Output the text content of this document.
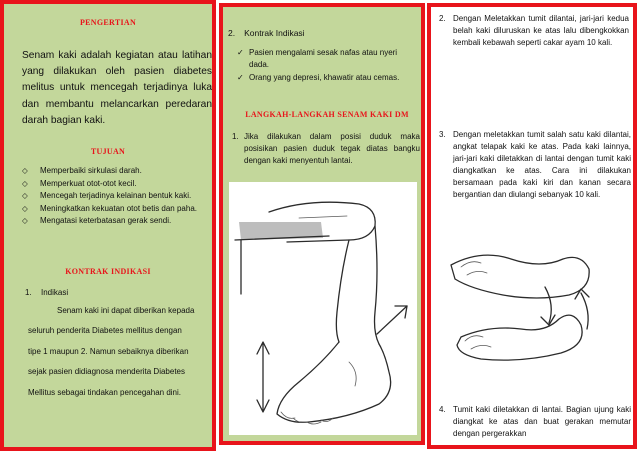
PENGERTIAN

Senam kaki adalah kegiatan atau latihan yang dilakukan oleh pasien diabetes melitus untuk mencegah terjadinya luka dan membantu melancarkan peredaran darah bagian kaki.

TUJUAN
◇ Memperbaiki sirkulasi darah.
◇ Memperkuat otot-otot kecil.
◇ Mencegah terjadinya kelainan bentuk kaki.
◇ Meningkatkan kekuatan otot betis dan paha.
◇ Mengatasi keterbatasan gerak sendi.
KONTRAK INDIKASI
1. Indikasi
Senam kaki ini dapat diberikan kepada
seluruh penderita Diabetes mellitus dengan
tipe 1 maupun 2. Namun sebaiknya diberikan
sejak pasien didiagnosa menderita Diabetes
Mellitus sebagai tindakan pencegahan dini.
2. Kontrak Indikasi
✓ Pasien mengalami sesak nafas atau nyeri dada.
✓ Orang yang depresi, khawatir atau cemas.
LANGKAH-LANGKAH SENAM KAKI DM
1. Jika dilakukan dalam posisi duduk maka posisikan pasien duduk tegak diatas bangku dengan kaki menyentuh lantai.
2. Dengan Meletakkan tumit dilantai, jari-jari kedua belah kaki diluruskan ke atas lalu dibengkokkan kembali kebawah seperti cakar ayam 10 kali.
3. Dengan meletakkan tumit salah satu kaki dilantai, angkat telapak kaki ke atas. Pada kaki lainnya, jari-jari kaki diletakkan di lantai dengan tumit kaki diangkatkan ke atas. Cara ini dilakukan bersamaan pada kaki kiri dan kanan secara bergantian dan diulangi sebanyak 10 kali.
4. Tumit kaki diletakkan di lantai. Bagian ujung kaki diangkat ke atas dan buat gerakan memutar dengan pergerakkan
